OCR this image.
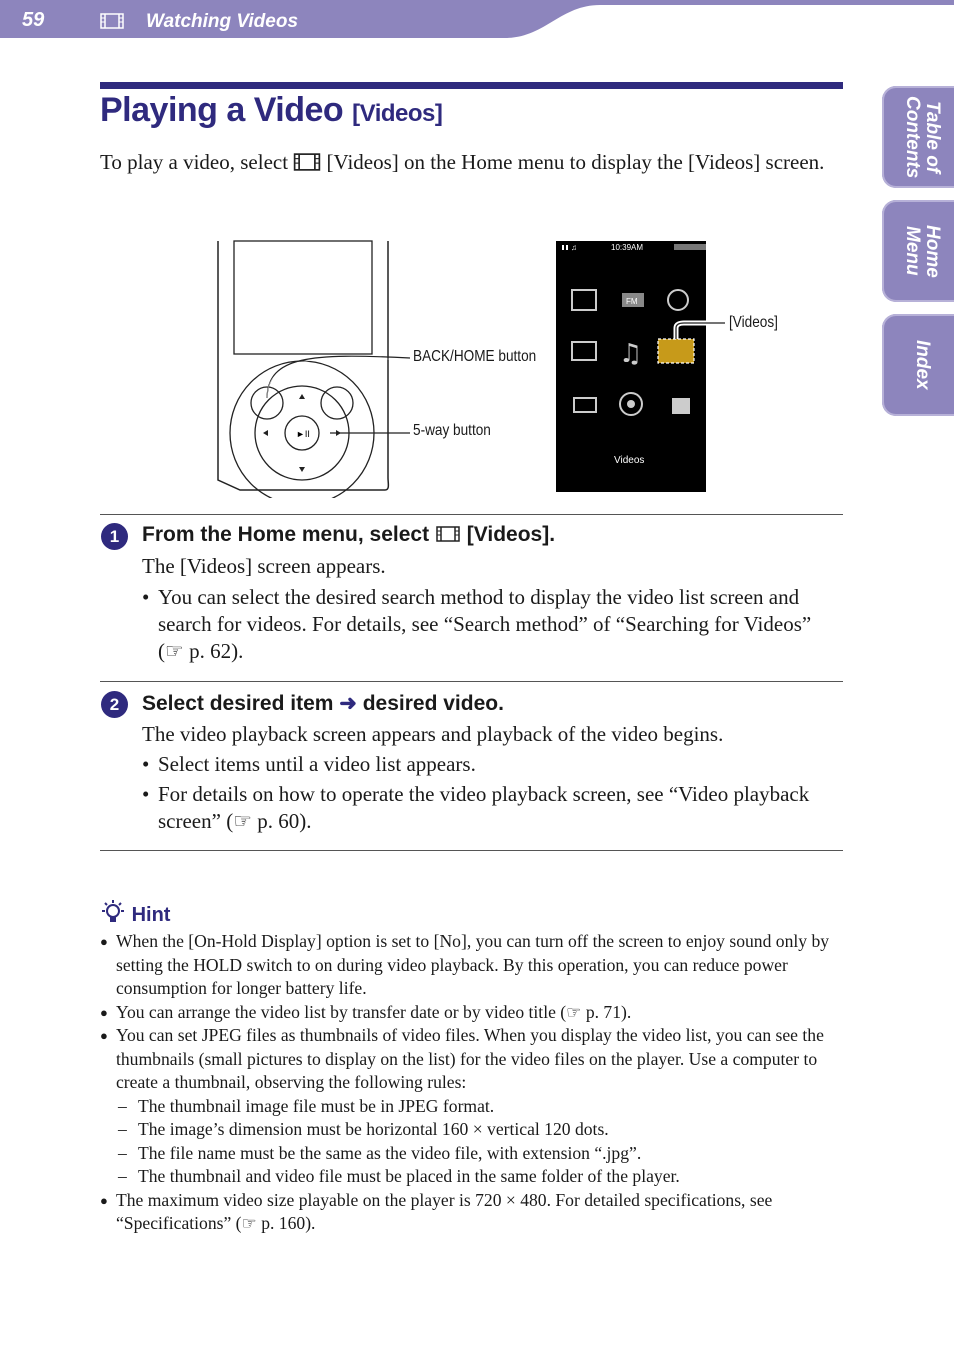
59	Watching Videos
Table of
Contents
Home
Menu
Index
Playing a Video [Videos]
To play a video, select [Videos] on the Home menu to display the [Videos] screen.
►II
♫	10:39AM
FM
♫
Videos
BACK/HOME button
5-way button
[Videos]
1	From the Home menu, select [Videos].
The [Videos] screen appears.
• You can select the desired search method to display the video list screen and search for videos. For details, see “Search method” of “Searching for Videos” (☞ p. 62).
2	Select desired item ➜ desired video.
The video playback screen appears and playback of the video begins.
• Select items until a video list appears.
• For details on how to operate the video playback screen, see “Video playback screen” (☞ p. 60).
Hint
● When the [On-Hold Display] option is set to [No], you can turn off the screen to enjoy sound only by setting the HOLD switch to on during video playback. By this operation, you can reduce power consumption for longer battery life.
● You can arrange the video list by transfer date or by video title (☞ p. 71).
● You can set JPEG files as thumbnails of video files. When you display the video list, you can see the thumbnails (small pictures to display on the list) for the video files on the player. Use a computer to create a thumbnail, observing the following rules:
– The thumbnail image file must be in JPEG format.
– The image’s dimension must be horizontal 160 × vertical 120 dots.
– The file name must be the same as the video file, with extension “.jpg”.
– The thumbnail and video file must be placed in the same folder of the player.
● The maximum video size playable on the player is 720 × 480. For detailed specifications, see “Specifications” (☞ p. 160).
